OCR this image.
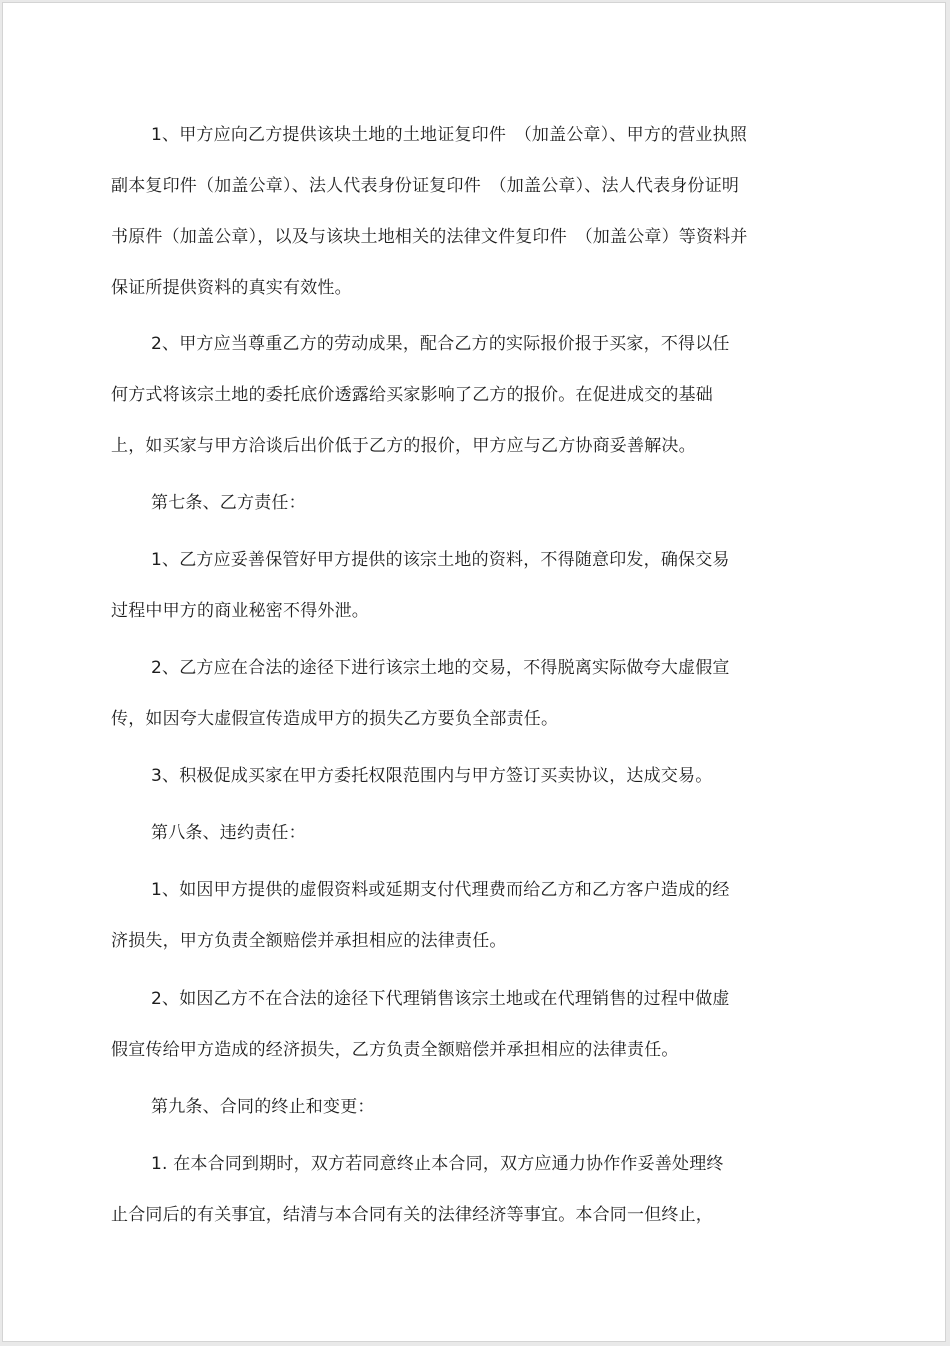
1、甲方应向乙方提供该块土地的土地证复印件　（加盖公章）、甲方的营业执照
副本复印件（加盖公章）、法人代表身份证复印件　（加盖公章）、法人代表身份证明
书原件（加盖公章），以及与该块土地相关的法律文件复印件　（加盖公章）等资料并
保证所提供资料的真实有效性。
2、甲方应当尊重乙方的劳动成果，配合乙方的实际报价报于买家，不得以任
何方式将该宗土地的委托底价透露给买家影响了乙方的报价。在促进成交的基础
上，如买家与甲方洽谈后出价低于乙方的报价，甲方应与乙方协商妥善解决。
第七条、乙方责任：
1、乙方应妥善保管好甲方提供的该宗土地的资料，不得随意印发，确保交易
过程中甲方的商业秘密不得外泄。
2、乙方应在合法的途径下进行该宗土地的交易，不得脱离实际做夸大虚假宣
传，如因夸大虚假宣传造成甲方的损失乙方要负全部责任。
3、积极促成买家在甲方委托权限范围内与甲方签订买卖协议，达成交易。
第八条、违约责任：
1、如因甲方提供的虚假资料或延期支付代理费而给乙方和乙方客户造成的经
济损失，甲方负责全额赔偿并承担相应的法律责任。
2、如因乙方不在合法的途径下代理销售该宗土地或在代理销售的过程中做虚
假宣传给甲方造成的经济损失，乙方负责全额赔偿并承担相应的法律责任。
第九条、合同的终止和变更：
1. 在本合同到期时，双方若同意终止本合同，双方应通力协作作妥善处理终
止合同后的有关事宜，结清与本合同有关的法律经济等事宜。本合同一但终止，
